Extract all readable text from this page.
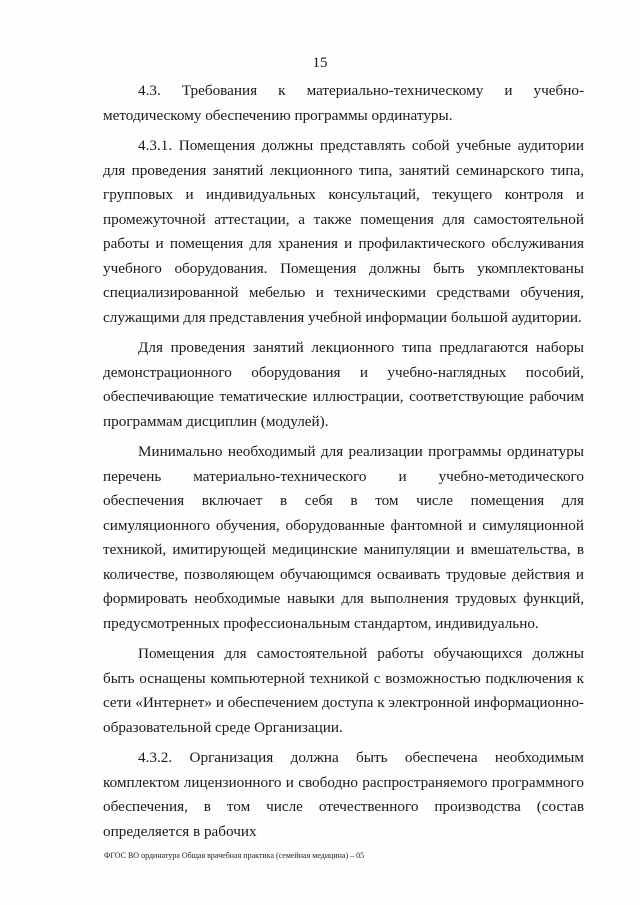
15

4.3. Требования к материально-техническому и учебно-методическому обеспечению программы ординатуры.

4.3.1. Помещения должны представлять собой учебные аудитории для проведения занятий лекционного типа, занятий семинарского типа, групповых и индивидуальных консультаций, текущего контроля и промежуточной аттестации, а также помещения для самостоятельной работы и помещения для хранения и профилактического обслуживания учебного оборудования. Помещения должны быть укомплектованы специализированной мебелью и техническими средствами обучения, служащими для представления учебной информации большой аудитории.

Для проведения занятий лекционного типа предлагаются наборы демонстрационного оборудования и учебно-наглядных пособий, обеспечивающие тематические иллюстрации, соответствующие рабочим программам дисциплин (модулей).

Минимально необходимый для реализации программы ординатуры перечень материально-технического и учебно-методического обеспечения включает в себя в том числе помещения для симуляционного обучения, оборудованные фантомной и симуляционной техникой, имитирующей медицинские манипуляции и вмешательства, в количестве, позволяющем обучающимся осваивать трудовые действия и формировать необходимые навыки для выполнения трудовых функций, предусмотренных профессиональным стандартом, индивидуально.

Помещения для самостоятельной работы обучающихся должны быть оснащены компьютерной техникой с возможностью подключения к сети «Интернет» и обеспечением доступа к электронной информационно-образовательной среде Организации.

4.3.2. Организация должна быть обеспечена необходимым комплектом лицензионного и свободно распространяемого программного обеспечения, в том числе отечественного производства (состав определяется в рабочих

ФГОС ВО ординатура Общая врачебная практика (семейная медицина) – 05
